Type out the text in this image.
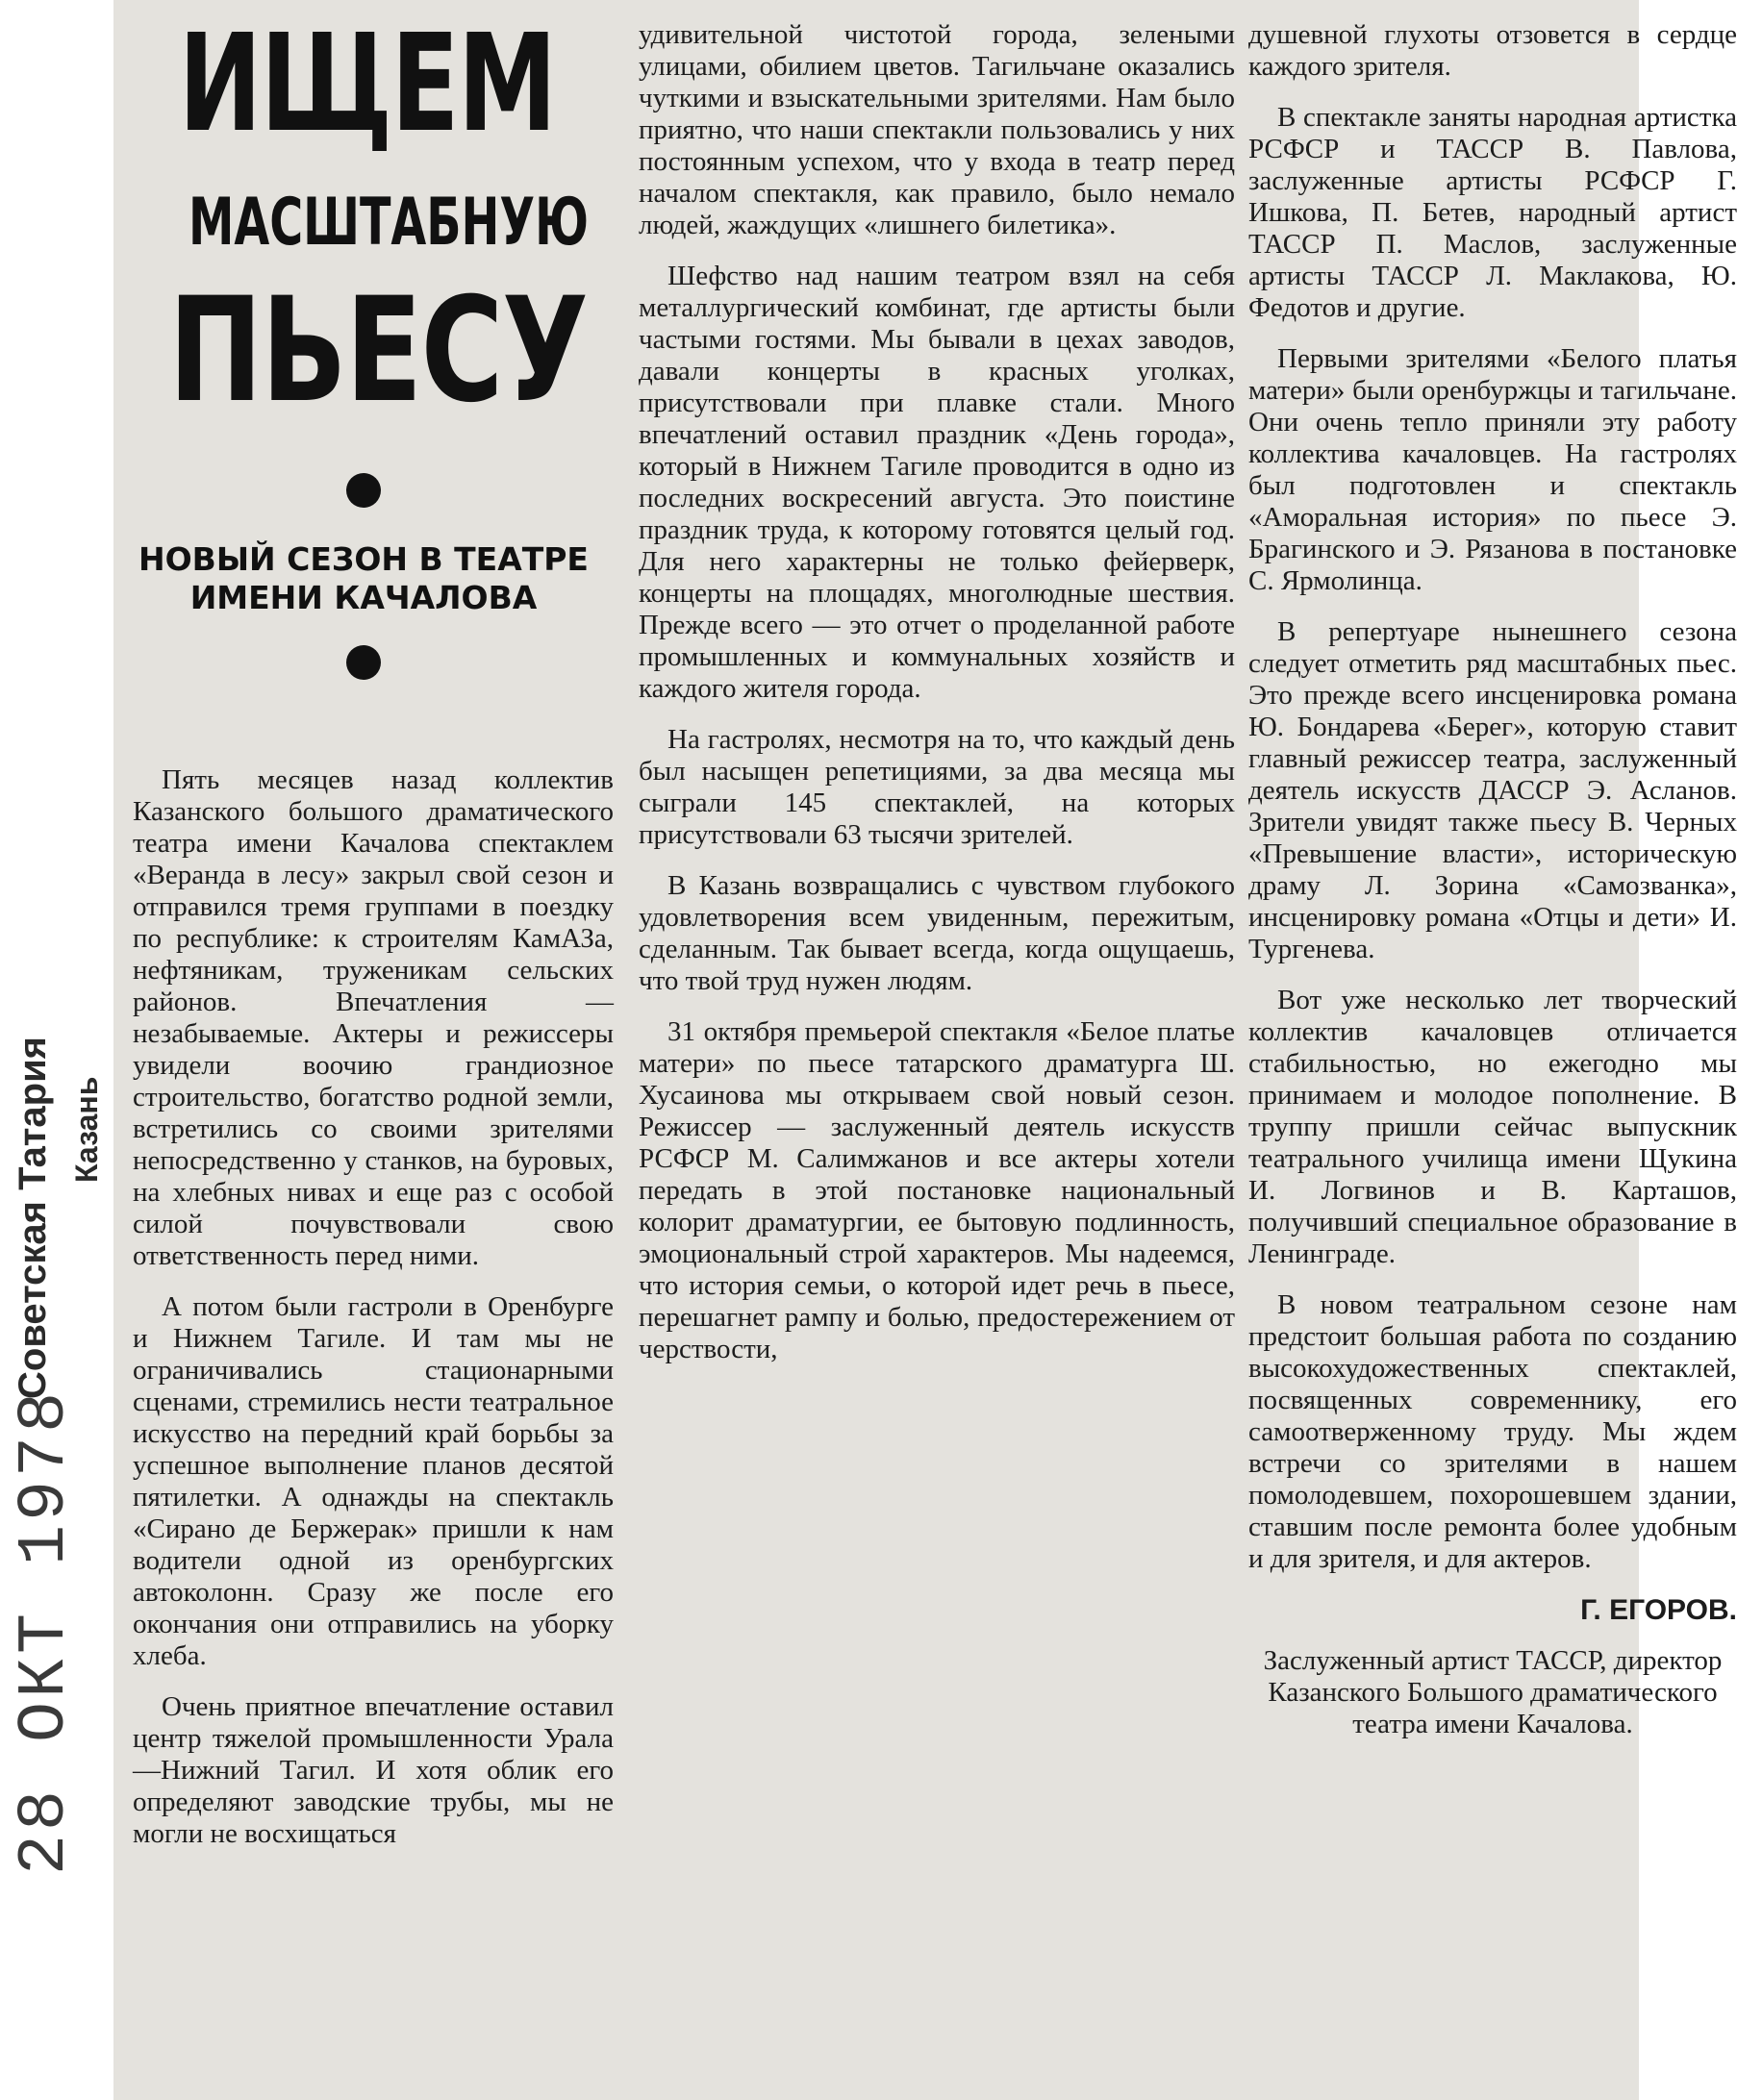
Советская Татария Казань
28 ОКТ 1978
ИЩЕМ
МАСШТАБНУЮ
ПЬЕСУ
НОВЫЙ СЕЗОН В ТЕАТРЕ ИМЕНИ КАЧАЛОВА

Пять месяцев назад коллектив Казанского большого драматического театра имени Качалова спектаклем «Веранда в лесу» закрыл свой сезон и отправился тремя группами в поездку по республике: к строителям КамАЗа, нефтяникам, труженикам сельских районов. Впечатления — незабываемые. Актеры и режиссеры увидели воочию грандиозное строительство, богатство родной земли, встретились со своими зрителями непосредственно у станков, на буровых, на хлебных нивах и еще раз с особой силой почувствовали свою ответственность перед ними.

А потом были гастроли в Оренбурге и Нижнем Тагиле. И там мы не ограничивались стационарными сценами, стремились нести театральное искусство на передний край борьбы за успешное выполнение планов десятой пятилетки. А однажды на спектакль «Сирано де Бержерак» пришли к нам водители одной из оренбургских автоколонн. Сразу же после его окончания они отправились на уборку хлеба.

Очень приятное впечатление оставил центр тяжелой промышленности Урала—Нижний Тагил. И хотя облик его определяют заводские трубы, мы не могли не восхищаться

удивительной чистотой города, зелеными улицами, обилием цветов. Тагильчане оказались чуткими и взыскательными зрителями. Нам было приятно, что наши спектакли пользовались у них постоянным успехом, что у входа в театр перед началом спектакля, как правило, было немало людей, жаждущих «лишнего билетика».

Шефство над нашим театром взял на себя металлургический комбинат, где артисты были частыми гостями. Мы бывали в цехах заводов, давали концерты в красных уголках, присутствовали при плавке стали. Много впечатлений оставил праздник «День города», который в Нижнем Тагиле проводится в одно из последних воскресений августа. Это поистине праздник труда, к которому готовятся целый год. Для него характерны не только фейерверк, концерты на площадях, многолюдные шествия. Прежде всего — это отчет о проделанной работе промышленных и коммунальных хозяйств и каждого жителя города.

На гастролях, несмотря на то, что каждый день был насыщен репетициями, за два месяца мы сыграли 145 спектаклей, на которых присутствовали 63 тысячи зрителей.

В Казань возвращались с чувством глубокого удовлетворения всем увиденным, пережитым, сделанным. Так бывает всегда, когда ощущаешь, что твой труд нужен людям.

31 октября премьерой спектакля «Белое платье матери» по пьесе татарского драматурга Ш. Хусаинова мы открываем свой новый сезон. Режиссер — заслуженный деятель искусств РСФСР М. Салимжанов и все актеры хотели передать в этой постановке национальный колорит драматургии, ее бытовую подлинность, эмоциональный строй характеров. Мы надеемся, что история семьи, о которой идет речь в пьесе, перешагнет рампу и болью, предостережением от черствости,

душевной глухоты отзовется в сердце каждого зрителя.

В спектакле заняты народная артистка РСФСР и ТАССР В. Павлова, заслуженные артисты РСФСР Г. Ишкова, П. Бетев, народный артист ТАССР П. Маслов, заслуженные артисты ТАССР Л. Маклакова, Ю. Федотов и другие.

Первыми зрителями «Белого платья матери» были оренбуржцы и тагильчане. Они очень тепло приняли эту работу коллектива качаловцев. На гастролях был подготовлен и спектакль «Аморальная история» по пьесе Э. Брагинского и Э. Рязанова в постановке С. Ярмолинца.

В репертуаре нынешнего сезона следует отметить ряд масштабных пьес. Это прежде всего инсценировка романа Ю. Бондарева «Берег», которую ставит главный режиссер театра, заслуженный деятель искусств ДАССР Э. Асланов. Зрители увидят также пьесу В. Черных «Превышение власти», историческую драму Л. Зорина «Самозванка», инсценировку романа «Отцы и дети» И. Тургенева.

Вот уже несколько лет творческий коллектив качаловцев отличается стабильностью, но ежегодно мы принимаем и молодое пополнение. В труппу пришли сейчас выпускник театрального училища имени Щукина И. Логвинов и В. Карташов, получивший специальное образование в Ленинграде.

В новом театральном сезоне нам предстоит большая работа по созданию высокохудожественных спектаклей, посвященных современнику, его самоотверженному труду. Мы ждем встречи со зрителями в нашем помолодевшем, похорошевшем здании, ставшим после ремонта более удобным и для зрителя, и для актеров.

Г. ЕГОРОВ.

Заслуженный артист ТАССР, директор Казанского Большого драматического театра имени Качалова.
